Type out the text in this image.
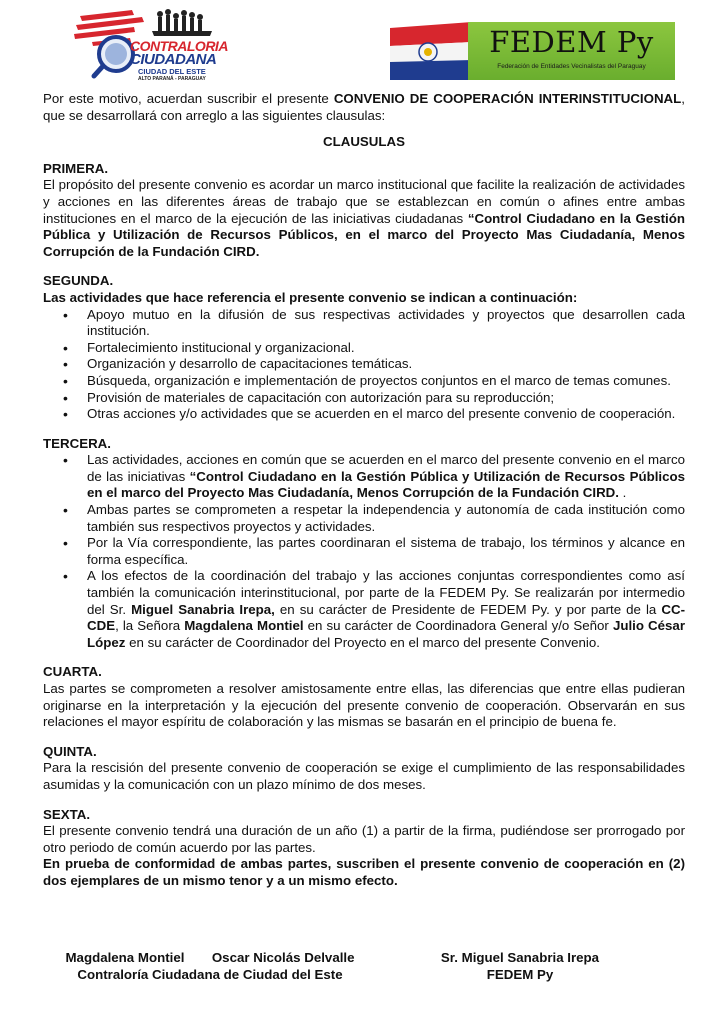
CONTRALORIA
CIUDADANA
CIUDAD DEL ESTE
ALTO PARANÁ - PARAGUAY
FEDEM Py
Federación de Entidades Vecinalistas del Paraguay

Por este motivo, acuerdan suscribir el presente CONVENIO DE COOPERACIÓN INTERINSTITUCIONAL, que se desarrollará con arreglo a las siguientes clausulas:

CLAUSULAS

PRIMERA.

El propósito del presente convenio es acordar un marco institucional que facilite la realización de actividades y acciones en las diferentes áreas de trabajo que se establezcan en común o afines entre ambas instituciones en el marco de la ejecución de las iniciativas ciudadanas “Control Ciudadano en la Gestión Pública y Utilización de Recursos Públicos, en el marco del Proyecto Mas Ciudadanía, Menos Corrupción de la Fundación CIRD.

SEGUNDA.

Las actividades que hace referencia el presente convenio se indican a continuación:

• Apoyo mutuo en la difusión de sus respectivas actividades y proyectos que desarrollen cada institución.
• Fortalecimiento institucional y organizacional.
• Organización y desarrollo de capacitaciones temáticas.
• Búsqueda, organización e implementación de proyectos conjuntos en el marco de temas comunes.
• Provisión de materiales de capacitación con autorización para su reproducción;
• Otras acciones y/o actividades que se acuerden en el marco del presente convenio de cooperación.

TERCERA.

• Las actividades, acciones en común que se acuerden en el marco del presente convenio en el marco de las iniciativas “Control Ciudadano en la Gestión Pública y Utilización de Recursos Públicos en el marco del Proyecto Mas Ciudadanía, Menos Corrupción de la Fundación CIRD. .
• Ambas partes se comprometen a respetar la independencia y autonomía de cada institución como también sus respectivos proyectos y actividades.
• Por la Vía correspondiente, las partes coordinaran el sistema de trabajo, los términos y alcance en forma específica.
• A los efectos de la coordinación del trabajo y las acciones conjuntas correspondientes como así también la comunicación interinstitucional, por parte de la FEDEM Py. Se realizarán por intermedio del Sr. Miguel Sanabria Irepa, en su carácter de Presidente de FEDEM Py. y por parte de la CC-CDE, la Señora Magdalena Montiel en su carácter de Coordinadora General y/o Señor Julio César López en su carácter de Coordinador del Proyecto en el marco del presente Convenio.

CUARTA.

Las partes se comprometen a resolver amistosamente entre ellas, las diferencias que entre ellas pudieran originarse en la interpretación y la ejecución del presente convenio de cooperación. Observarán en sus relaciones el mayor espíritu de colaboración y las mismas se basarán en el principio de buena fe.

QUINTA.

Para la rescisión del presente convenio de cooperación se exige el cumplimiento de las responsabilidades asumidas y la comunicación con un plazo mínimo de dos meses.

SEXTA.

El presente convenio tendrá una duración de un año (1) a partir de la firma, pudiéndose ser prorrogado por otro periodo de común acuerdo por las partes.

En prueba de conformidad de ambas partes, suscriben el presente convenio de cooperación en (2) dos ejemplares de un mismo tenor y a un mismo efecto.

Magdalena Montiel Oscar Nicolás Delvalle
Contraloría Ciudadana de Ciudad del Este
Sr. Miguel Sanabria Irepa
FEDEM Py
